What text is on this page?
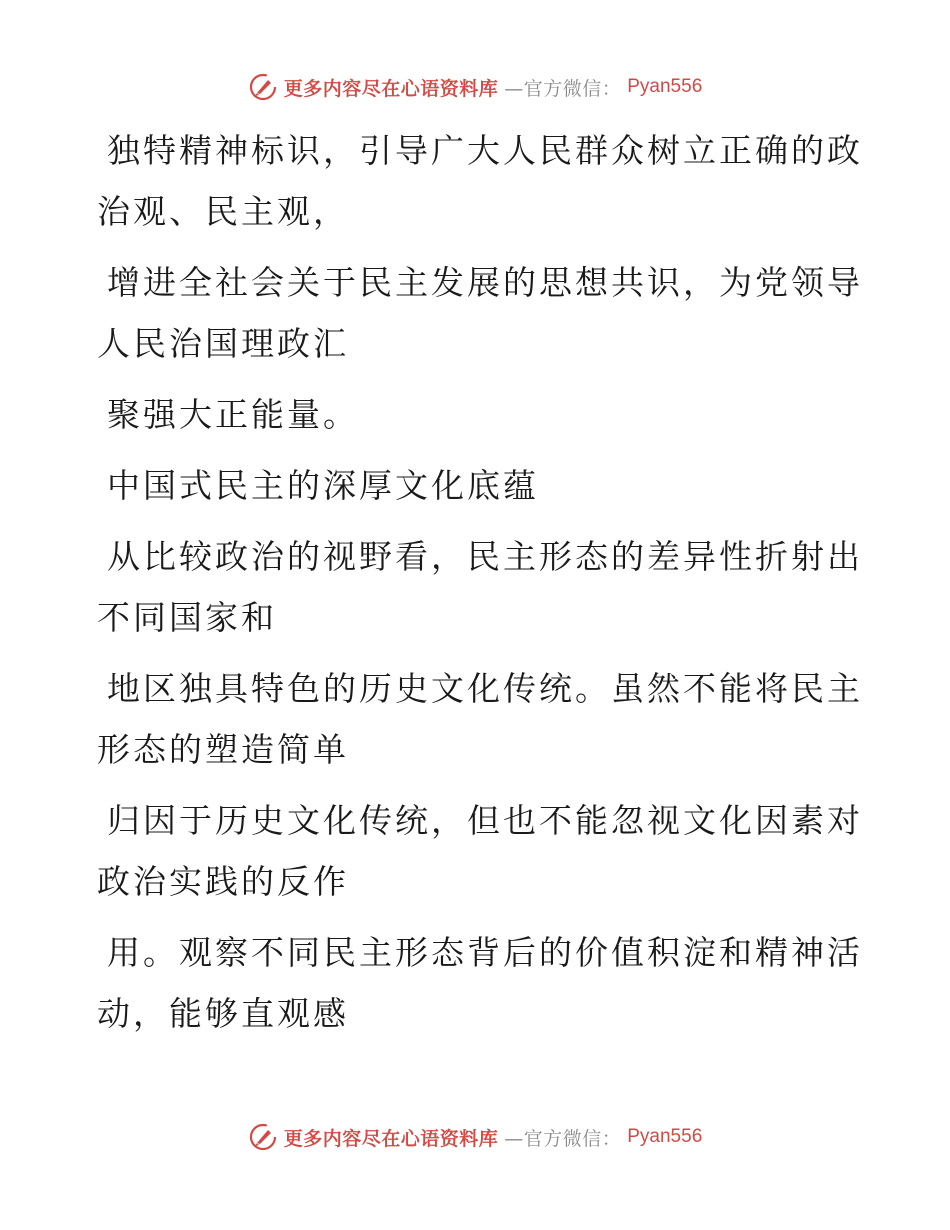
更多内容尽在心语资料库 —官方微信： Pyan556

独特精神标识，引导广大人民群众树立正确的政
治观、民主观，

增进全社会关于民主发展的思想共识，为党领导
人民治国理政汇

聚强大正能量。

中国式民主的深厚文化底蕴

从比较政治的视野看，民主形态的差异性折射出
不同国家和

地区独具特色的历史文化传统。虽然不能将民主
形态的塑造简单

归因于历史文化传统，但也不能忽视文化因素对
政治实践的反作

用。观察不同民主形态背后的价值积淀和精神活
动，能够直观感

更多内容尽在心语资料库 —官方微信： Pyan556
